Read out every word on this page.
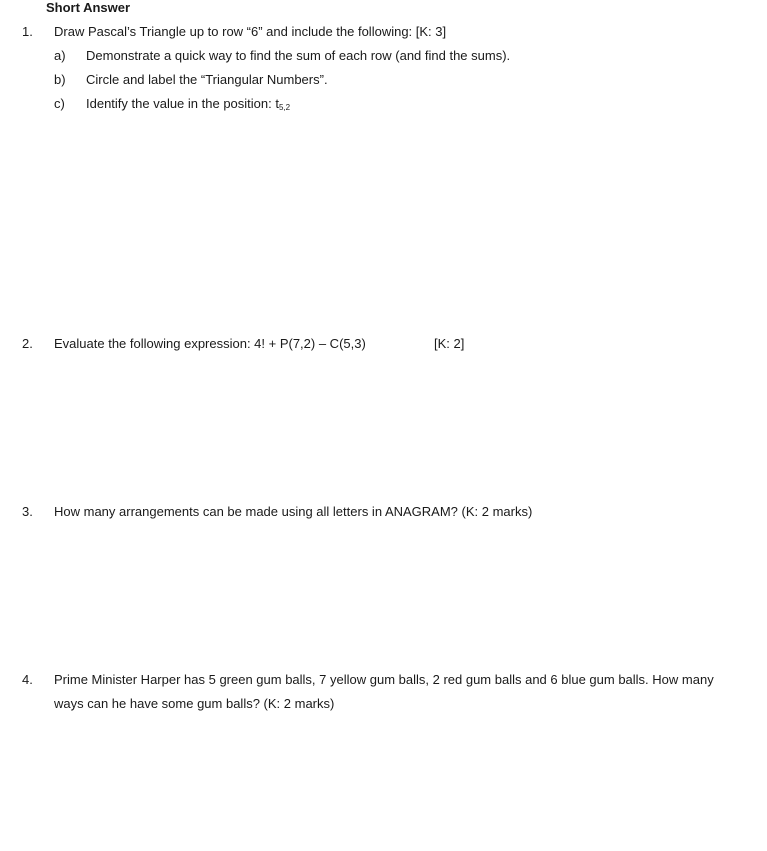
Short Answer
1. Draw Pascal’s Triangle up to row “6” and include the following: [K: 3]
a) Demonstrate a quick way to find the sum of each row (and find the sums).
b) Circle and label the “Triangular Numbers”.
c) Identify the value in the position: $t_{5,2}$
2. Evaluate the following expression: 4! + P(7,2) – C(5,3)	[K: 2]
3. How many arrangements can be made using all letters in ANAGRAM? (K: 2 marks)
4. Prime Minister Harper has 5 green gum balls, 7 yellow gum balls, 2 red gum balls and 6 blue gum balls. How many ways can he have some gum balls? (K: 2 marks)
